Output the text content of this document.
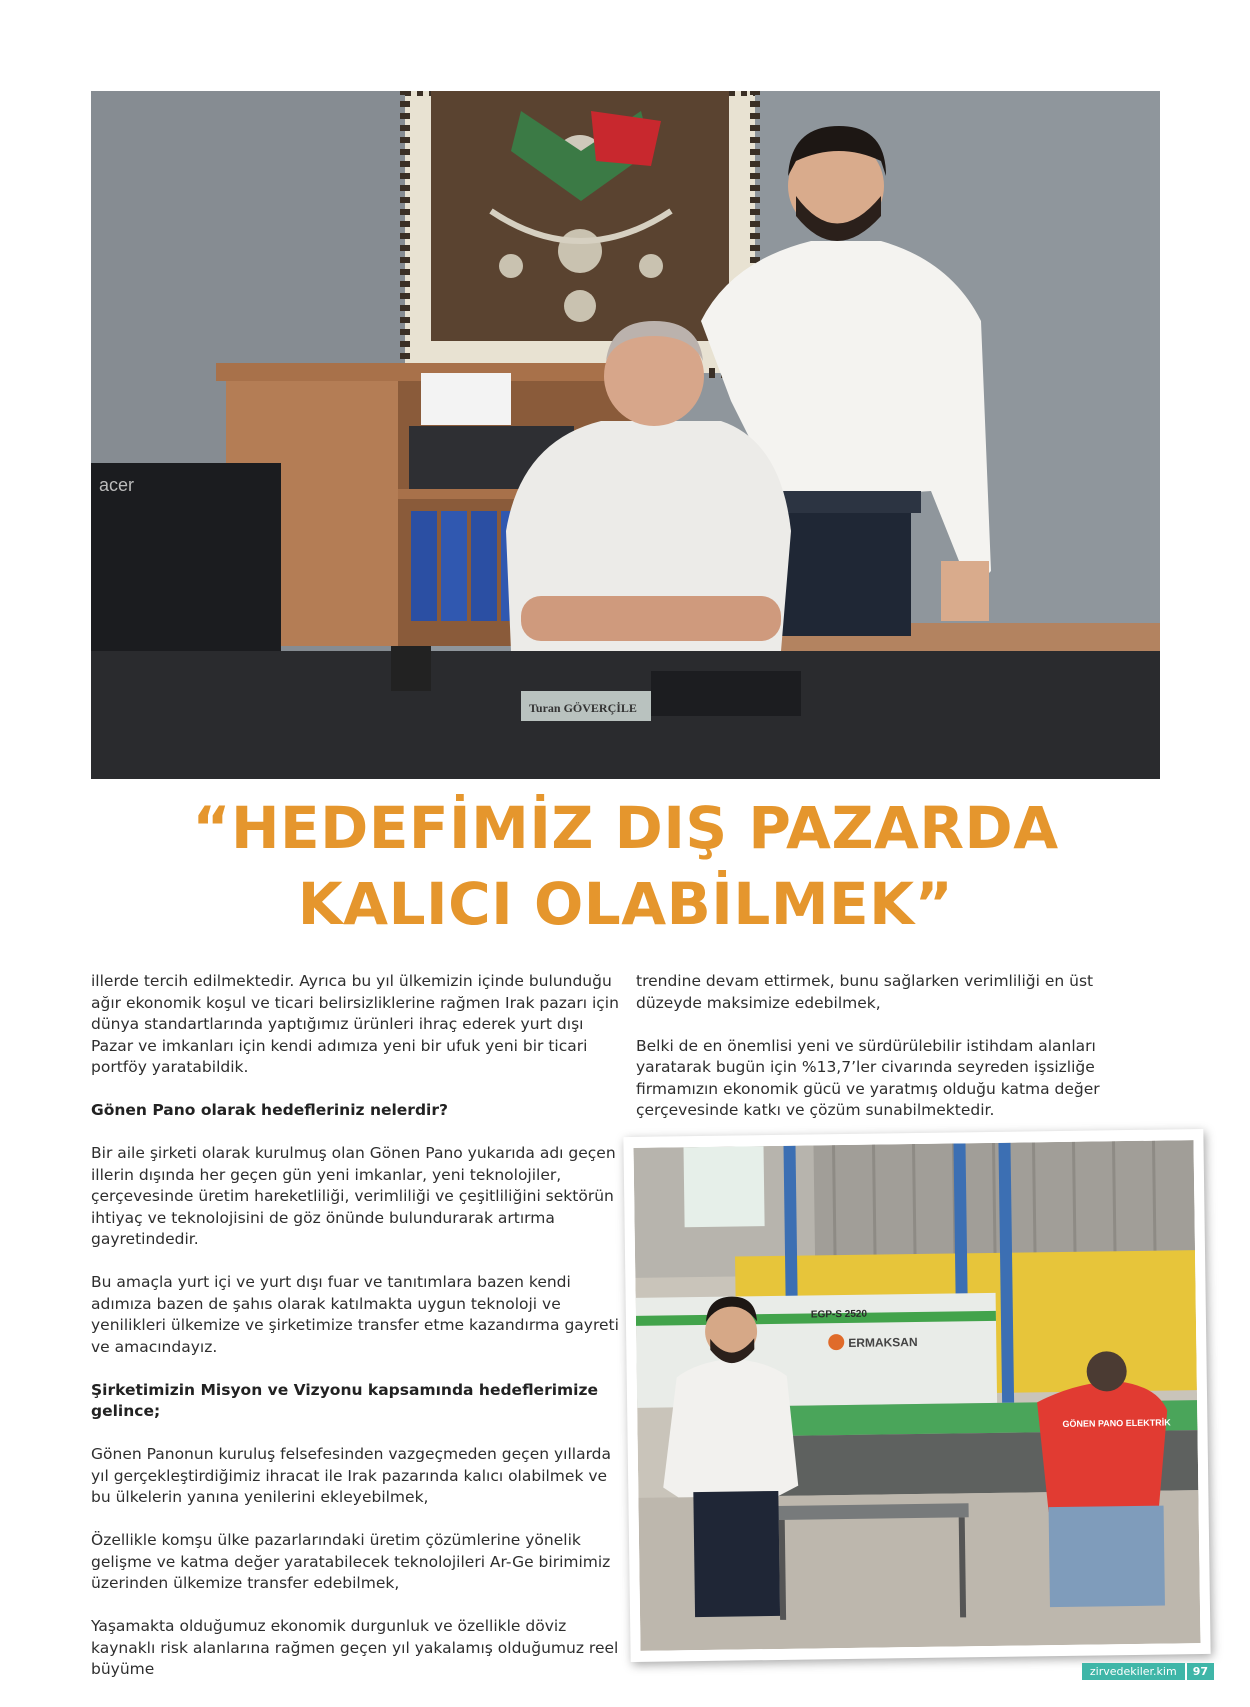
acer
Turan GÖVERÇİLE
“HEDEFİMİZ DIŞ PAZARDA
KALICI OLABİLMEK”

illerde tercih edilmektedir. Ayrıca bu yıl ülkemizin içinde bulunduğu ağır ekonomik koşul ve ticari belirsizliklerine rağmen Irak pazarı için dünya standartlarında yaptığımız ürünleri ihraç ederek yurt dışı Pazar ve imkanları için kendi adımıza yeni bir ufuk yeni bir ticari portföy yaratabildik.

Gönen Pano olarak hedefleriniz nelerdir?

Bir aile şirketi olarak kurulmuş olan Gönen Pano yukarıda adı geçen illerin dışında her geçen gün yeni imkanlar, yeni teknolojiler, çerçevesinde üretim hareketliliği, verimliliği ve çeşitliliğini sektörün ihtiyaç ve teknolojisini de göz önünde bulundurarak artırma gayretindedir.

Bu amaçla yurt içi ve yurt dışı fuar ve tanıtımlara bazen kendi adımıza bazen de şahıs olarak katılmakta uygun teknoloji ve yenilikleri ülkemize ve şirketimize transfer etme kazandırma gayreti ve amacındayız.

Şirketimizin Misyon ve Vizyonu kapsamında hedeflerimize gelince;

Gönen Panonun kuruluş felsefesinden vazgeçmeden geçen yıllarda yıl gerçekleştirdiğimiz ihracat ile Irak pazarında kalıcı olabilmek ve bu ülkelerin yanına yenilerini ekleyebilmek,

Özellikle komşu ülke pazarlarındaki üretim çözümlerine yönelik gelişme ve katma değer yaratabilecek teknolojileri Ar-Ge birimimiz üzerinden ülkemize transfer edebilmek,

Yaşamakta olduğumuz ekonomik durgunluk ve özellikle döviz kaynaklı risk alanlarına rağmen geçen yıl yakalamış olduğumuz reel büyüme

trendine devam ettirmek, bunu sağlarken verimliliği en üst düzeyde maksimize edebilmek,

Belki de en önemlisi yeni ve sürdürülebilir istihdam alanları yaratarak bugün için %13,7’ler civarında seyreden işsizliğe firmamızın ekonomik gücü ve yaratmış olduğu katma değer çerçevesinde katkı ve çözüm sunabilmektedir.

EGP-S 2520
ERMAKSAN
GÖNEN PANO ELEKTRİK
zirvedekiler.kim	97
